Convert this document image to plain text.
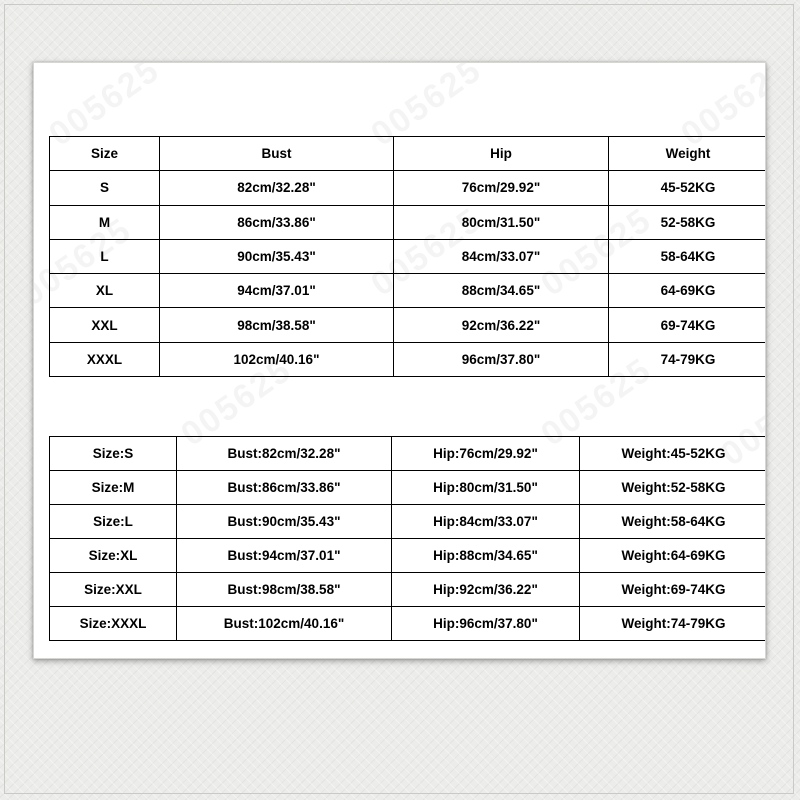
Size	Bust	Hip	Weight
S	82cm/32.28"	76cm/29.92"	45-52KG
M	86cm/33.86"	80cm/31.50"	52-58KG
L	90cm/35.43"	84cm/33.07"	58-64KG
XL	94cm/37.01"	88cm/34.65"	64-69KG
XXL	98cm/38.58"	92cm/36.22"	69-74KG
XXXL	102cm/40.16"	96cm/37.80"	74-79KG
Size:S	Bust:82cm/32.28"	Hip:76cm/29.92"	Weight:45-52KG
Size:M	Bust:86cm/33.86"	Hip:80cm/31.50"	Weight:52-58KG
Size:L	Bust:90cm/35.43"	Hip:84cm/33.07"	Weight:58-64KG
Size:XL	Bust:94cm/37.01"	Hip:88cm/34.65"	Weight:64-69KG
Size:XXL	Bust:98cm/38.58"	Hip:92cm/36.22"	Weight:69-74KG
Size:XXXL	Bust:102cm/40.16"	Hip:96cm/37.80"	Weight:74-79KG
